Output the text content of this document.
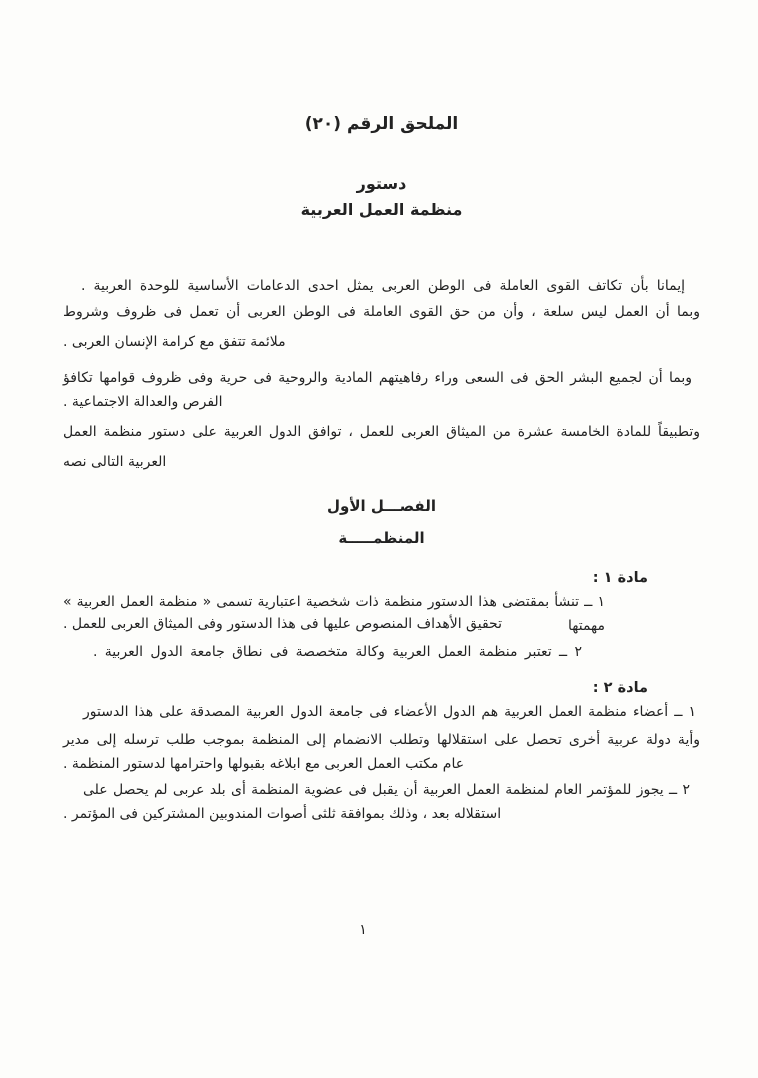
الملحق الرقم (٢٠)
دستور
منظمة العمل العربية
إيمانا بأن تكاتف القوى العاملة فى الوطن العربى يمثل احدى الدعامات الأساسية للوحدة العربية .
وبما أن العمل ليس سلعة ، وأن من حق القوى العاملة فى الوطن العربى أن تعمل فى ظروف وشروط
ملائمة تتفق مع كرامة الإنسان العربى .
وبما أن لجميع البشر الحق فى السعى وراء رفاهيتهم المادية والروحية فى حرية وفى ظروف قوامها تكافؤ
الفرص والعدالة الاجتماعية .
وتطبيقاً للمادة الخامسة عشرة من الميثاق العربى للعمل ، توافق الدول العربية على دستور منظمة العمل
العربية التالى نصه
الفصـــل الأول
المنظمـــــة
مادة ١ :
١ ــ تنشأ بمقتضى هذا الدستور منظمة ذات شخصية اعتبارية تسمى « منظمة العمل العربية » مهمتها
تحقيق الأهداف المنصوص عليها فى هذا الدستور وفى الميثاق العربى للعمل .
٢ ــ تعتبر منظمة العمل العربية وكالة متخصصة فى نطاق جامعة الدول العربية .
مادة ٢ :
١ ــ أعضاء منظمة العمل العربية هم الدول الأعضاء فى جامعة الدول العربية المصدقة على هذا الدستور
وأية دولة عربية أخرى تحصل على استقلالها وتطلب الانضمام إلى المنظمة بموجب طلب ترسله إلى مدير
عام مكتب العمل العربى مع ابلاغه بقبولها واحترامها لدستور المنظمة .
٢ ــ يجوز للمؤتمر العام لمنظمة العمل العربية أن يقبل فى عضوية المنظمة أى بلد عربى لم يحصل على
استقلاله بعد ، وذلك بموافقة ثلثى أصوات المندوبين المشتركين فى المؤتمر .
١
